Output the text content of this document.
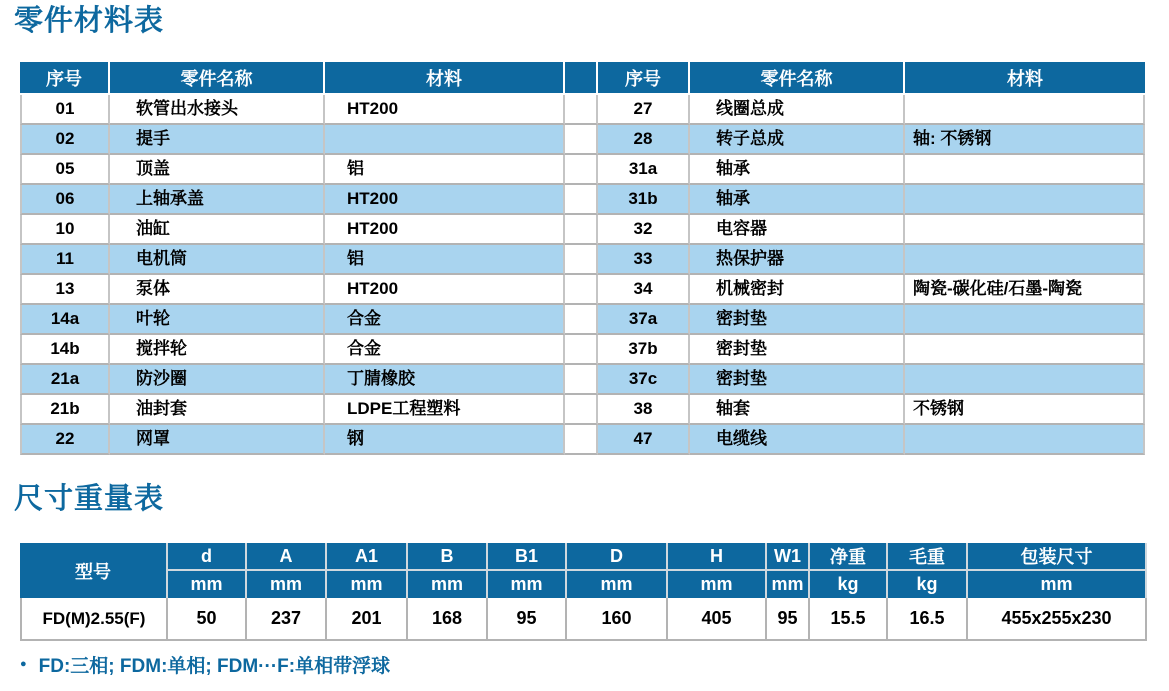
零件材料表
序号	零件名称	材料		序号	零件名称	材料
01	软管出水接头	HT200		27	线圈总成	
02	提手			28	转子总成	轴: 不锈钢
05	顶盖	铝		31a	轴承	
06	上轴承盖	HT200		31b	轴承	
10	油缸	HT200		32	电容器	
11	电机筒	铝		33	热保护器	
13	泵体	HT200		34	机械密封	陶瓷-碳化硅/石墨-陶瓷
14a	叶轮	合金		37a	密封垫	
14b	搅拌轮	合金		37b	密封垫	
21a	防沙圈	丁腈橡胶		37c	密封垫	
21b	油封套	LDPE工程塑料		38	轴套	不锈钢
22	网罩	钢		47	电缆线	
尺寸重量表
型号	d	A	A1	B	B1	D	H	W1	净重	毛重	包装尺寸
	mm	mm	mm	mm	mm	mm	mm	mm	kg	kg	mm
FD(M)2.55(F)	50	237	201	168	95	160	405	95	15.5	16.5	455x255x230
● FD:三相; FDM:单相; FDM···F:单相带浮球
